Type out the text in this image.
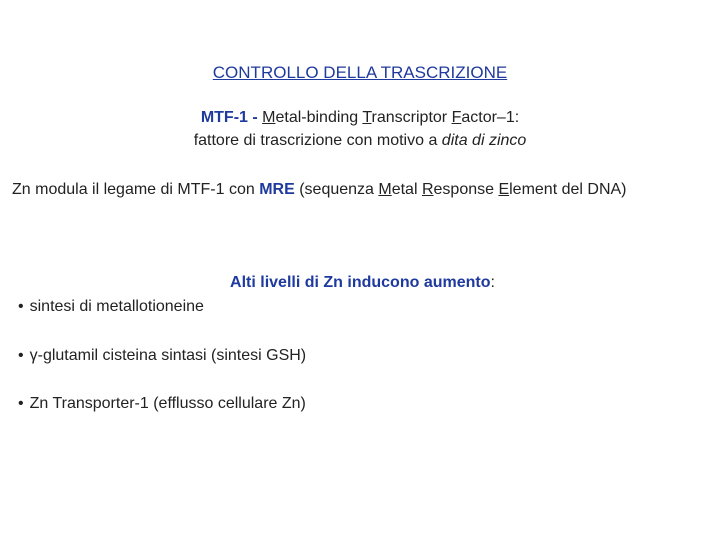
CONTROLLO DELLA TRASCRIZIONE
MTF-1 - Metal-binding Transcriptor Factor–1:
fattore di trascrizione con motivo a dita di zinco
Zn modula il legame di MTF-1 con MRE (sequenza Metal Response Element del DNA)
Alti livelli di Zn inducono aumento:
• sintesi di metallotioneine
• γ-glutamil cisteina sintasi (sintesi GSH)
• Zn Transporter-1 (efflusso cellulare Zn)
